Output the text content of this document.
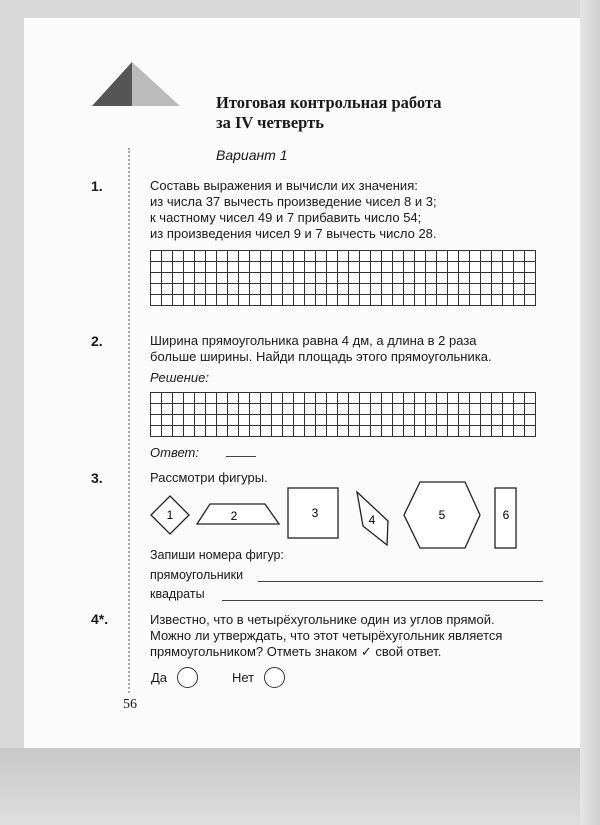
Итоговая контрольная работа
за IV четверть
Вариант 1
1.	Составь выражения и вычисли их значения:
из числа 37 вычесть произведение чисел 8 и 3;
к частному чисел 49 и 7 прибавить число 54;
из произведения чисел 9 и 7 вычесть число 28.
2.	Ширина прямоугольника равна 4 дм, а длина в 2 раза
больше ширины. Найди площадь этого прямоугольника.
Решение:
Ответ:
3.	Рассмотри фигуры.
1	2	3	4	5	6
Запиши номера фигур:
прямоугольники
квадраты
4*.	Известно, что в четырёхугольнике один из углов прямой.
Можно ли утверждать, что этот четырёхугольник является
прямоугольником? Отметь знаком ✓ свой ответ.
Да	Нет
56
